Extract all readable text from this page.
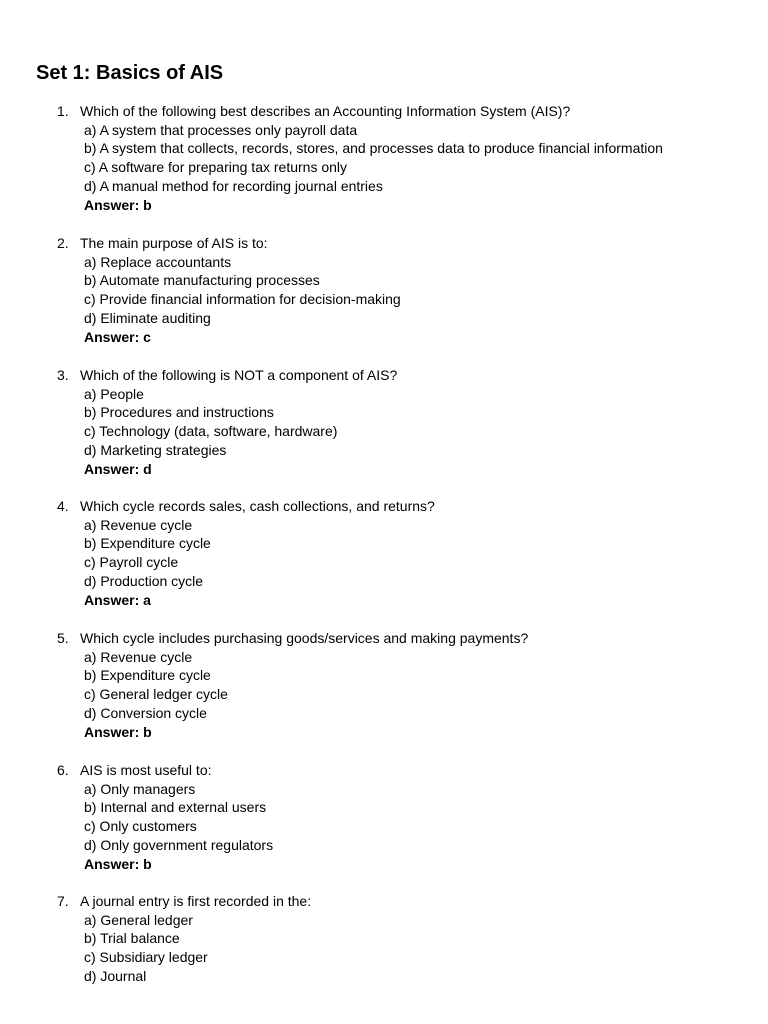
Set 1: Basics of AIS
1. Which of the following best describes an Accounting Information System (AIS)?
a) A system that processes only payroll data
b) A system that collects, records, stores, and processes data to produce financial information
c) A software for preparing tax returns only
d) A manual method for recording journal entries
Answer: b
2. The main purpose of AIS is to:
a) Replace accountants
b) Automate manufacturing processes
c) Provide financial information for decision-making
d) Eliminate auditing
Answer: c
3. Which of the following is NOT a component of AIS?
a) People
b) Procedures and instructions
c) Technology (data, software, hardware)
d) Marketing strategies
Answer: d
4. Which cycle records sales, cash collections, and returns?
a) Revenue cycle
b) Expenditure cycle
c) Payroll cycle
d) Production cycle
Answer: a
5. Which cycle includes purchasing goods/services and making payments?
a) Revenue cycle
b) Expenditure cycle
c) General ledger cycle
d) Conversion cycle
Answer: b
6. AIS is most useful to:
a) Only managers
b) Internal and external users
c) Only customers
d) Only government regulators
Answer: b
7. A journal entry is first recorded in the:
a) General ledger
b) Trial balance
c) Subsidiary ledger
d) Journal
